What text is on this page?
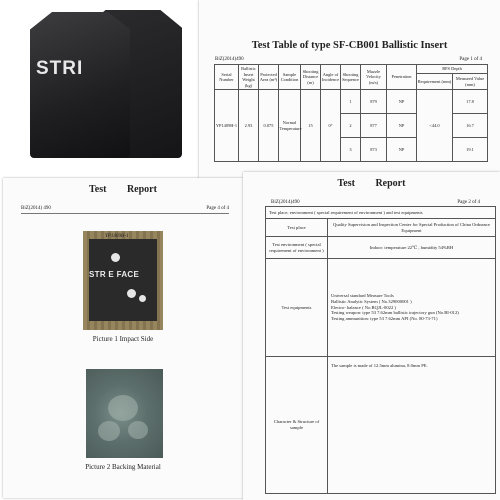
STRI
Test Table of type SF-CB001 Ballistic Insert
BiZ(2014)490	Page 1 of 4
Serial Number	Ballistic Insert Weight (kg)	Protected Area (m²)	Sample Condition	Shooting Distance (m)	Angle of Incidence	Shooting Sequence	Muzzle Velocity (m/s)	Penetration	BFS Depth	
									Requirement (mm)	Measured Value (mm)
YP1409H-1	2.93	0.075	Normal Temperature	15	0°	1	879	NP	<44.0	17.8

						2	877	NP		16.7

						3	873	NP		19.1

Test Report
BiZ(2014) 490	Page 4 of 4
YP1409H-1
STR E FACE
Picture 1 Impact Side
Picture 2 Backing Material
Test Report
BiZ(2014)490	Page 2 of 4
Test place, environment ( special requirement of environment ) and test equipments	
Test place	Quality Supervision and Inspection Center for Special Production of China Ordnance Equipment
Test environment ( special requirement of environment )	Indoor: temperature 22℃ , humidity 54%RH
Test equipments	Universal standard Measure Tools
Ballistic Analytic System ( No.329000001 )
Electro- balance ( No.BQJL-0022 )
Testing weapon: type 53 7.62mm ballistic trajectory gun (No.BI-012)
Testing ammunition: type 53 7.62mm API (No. 80-73-71)

Character & Structure of sample	The sample is made of 12.5mm alumina, 8.0mm PE.
